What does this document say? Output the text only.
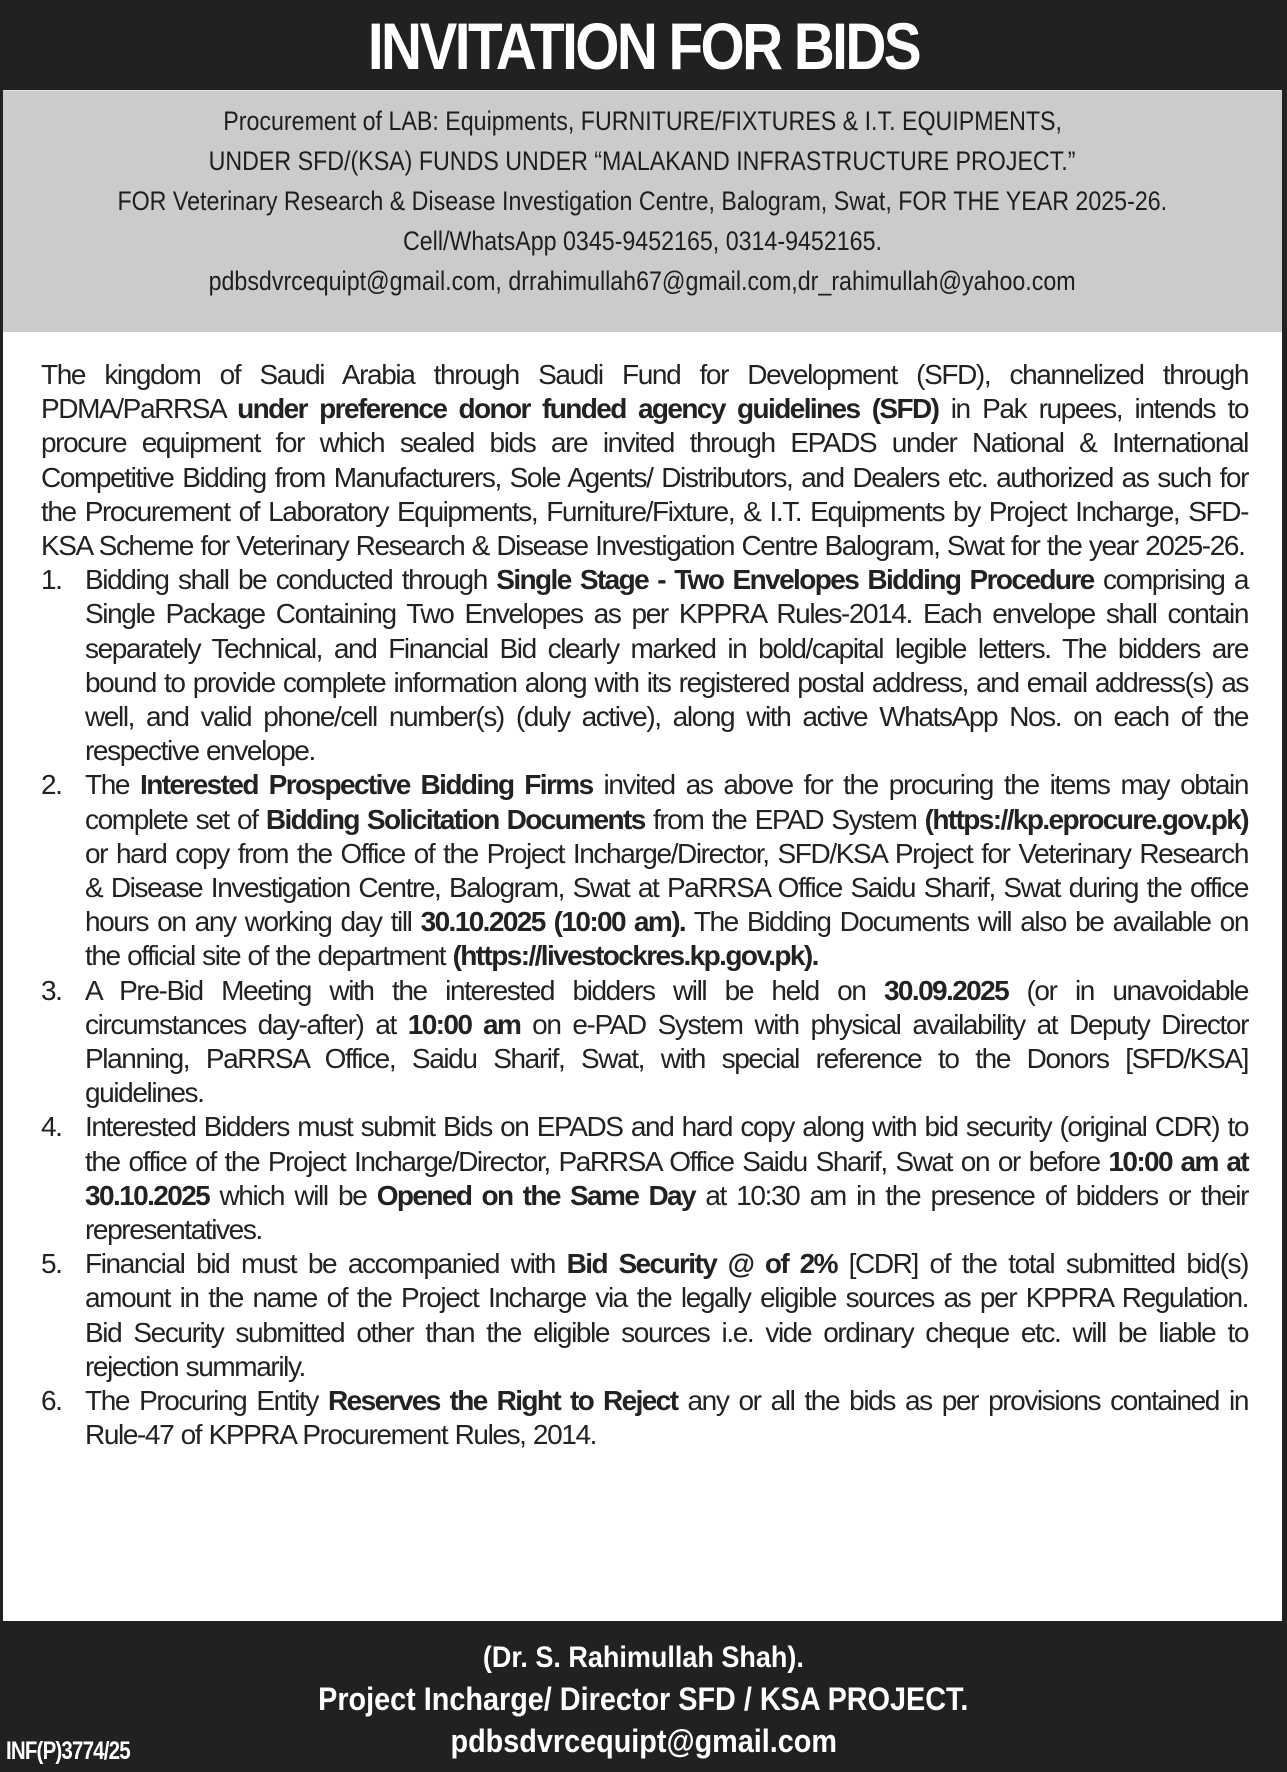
INVITATION FOR BIDS
Procurement of LAB: Equipments, FURNITURE/FIXTURES & I.T. EQUIPMENTS,
UNDER SFD/(KSA) FUNDS UNDER “MALAKAND INFRASTRUCTURE PROJECT.”
FOR Veterinary Research & Disease Investigation Centre, Balogram, Swat, FOR THE YEAR 2025-26.
Cell/WhatsApp 0345-9452165, 0314-9452165.
pdbsdvrcequipt@gmail.com, drrahimullah67@gmail.com,dr_rahimullah@yahoo.com
The kingdom of Saudi Arabia through Saudi Fund for Development (SFD), channelized through PDMA/PaRRSA under preference donor funded agency guidelines (SFD) in Pak rupees, intends to procure equipment for which sealed bids are invited through EPADS under National & International Competitive Bidding from Manufacturers, Sole Agents/ Distributors, and Dealers etc. authorized as such for the Procurement of Laboratory Equipments, Furniture/Fixture, & I.T. Equipments by Project Incharge, SFD-KSA Scheme for Veterinary Research & Disease Investigation Centre Balogram, Swat for the year 2025-26.
1. Bidding shall be conducted through Single Stage - Two Envelopes Bidding Procedure comprising a Single Package Containing Two Envelopes as per KPPRA Rules-2014. Each envelope shall contain separately Technical, and Financial Bid clearly marked in bold/capital legible letters. The bidders are bound to provide complete information along with its registered postal address, and email address(s) as well, and valid phone/cell number(s) (duly active), along with active WhatsApp Nos. on each of the respective envelope.
2. The Interested Prospective Bidding Firms invited as above for the procuring the items may obtain complete set of Bidding Solicitation Documents from the EPAD System (https://kp.eprocure.gov.pk) or hard copy from the Office of the Project Incharge/Director, SFD/KSA Project for Veterinary Research & Disease Investigation Centre, Balogram, Swat at PaRRSA Office Saidu Sharif, Swat during the office hours on any working day till 30.10.2025 (10:00 am). The Bidding Documents will also be available on the official site of the department (https://livestockres.kp.gov.pk).
3. A Pre-Bid Meeting with the interested bidders will be held on 30.09.2025 (or in unavoidable circumstances day-after) at 10:00 am on e-PAD System with physical availability at Deputy Director Planning, PaRRSA Office, Saidu Sharif, Swat, with special reference to the Donors [SFD/KSA] guidelines.
4. Interested Bidders must submit Bids on EPADS and hard copy along with bid security (original CDR) to the office of the Project Incharge/Director, PaRRSA Office Saidu Sharif, Swat on or before 10:00 am at 30.10.2025 which will be Opened on the Same Day at 10:30 am in the presence of bidders or their representatives.
5. Financial bid must be accompanied with Bid Security @ of 2% [CDR] of the total submitted bid(s) amount in the name of the Project Incharge via the legally eligible sources as per KPPRA Regulation. Bid Security submitted other than the eligible sources i.e. vide ordinary cheque etc. will be liable to rejection summarily.
6. The Procuring Entity Reserves the Right to Reject any or all the bids as per provisions contained in Rule-47 of KPPRA Procurement Rules, 2014.
(Dr. S. Rahimullah Shah).
Project Incharge/ Director SFD / KSA PROJECT.
pdbsdvrcequipt@gmail.com
INF(P)3774/25
